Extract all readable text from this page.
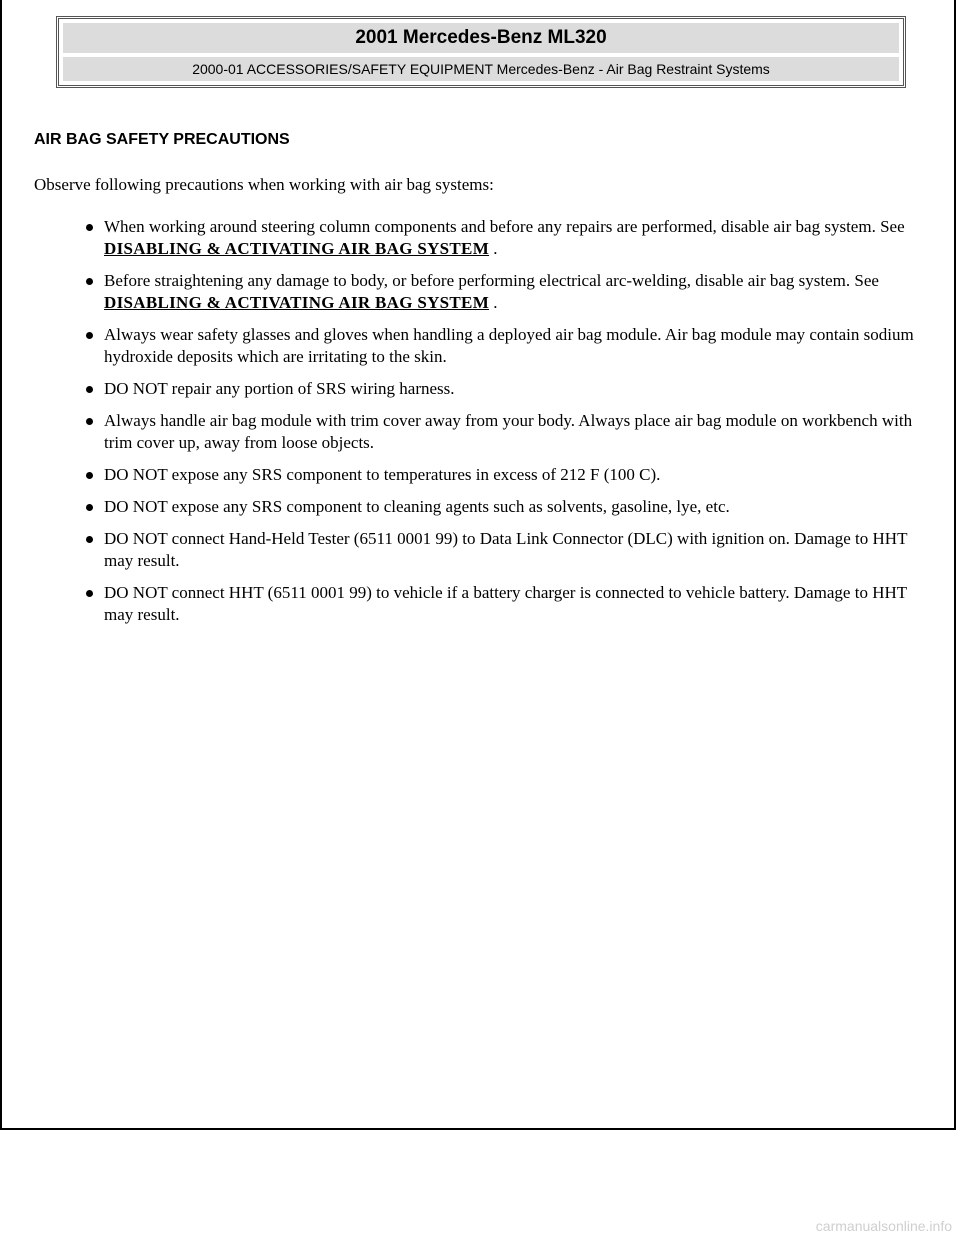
2001 Mercedes-Benz ML320
2000-01 ACCESSORIES/SAFETY EQUIPMENT Mercedes-Benz - Air Bag Restraint Systems
AIR BAG SAFETY PRECAUTIONS

Observe following precautions when working with air bag systems:

When working around steering column components and before any repairs are performed, disable air bag system. See DISABLING & ACTIVATING AIR BAG SYSTEM .
Before straightening any damage to body, or before performing electrical arc-welding, disable air bag system. See DISABLING & ACTIVATING AIR BAG SYSTEM .
Always wear safety glasses and gloves when handling a deployed air bag module. Air bag module may contain sodium hydroxide deposits which are irritating to the skin.
DO NOT repair any portion of SRS wiring harness.
Always handle air bag module with trim cover away from your body. Always place air bag module on workbench with trim cover up, away from loose objects.
DO NOT expose any SRS component to temperatures in excess of 212 F (100 C).
DO NOT expose any SRS component to cleaning agents such as solvents, gasoline, lye, etc.
DO NOT connect Hand-Held Tester (6511 0001 99) to Data Link Connector (DLC) with ignition on. Damage to HHT may result.
DO NOT connect HHT (6511 0001 99) to vehicle if a battery charger is connected to vehicle battery. Damage to HHT may result.
carmanualsonline.info
